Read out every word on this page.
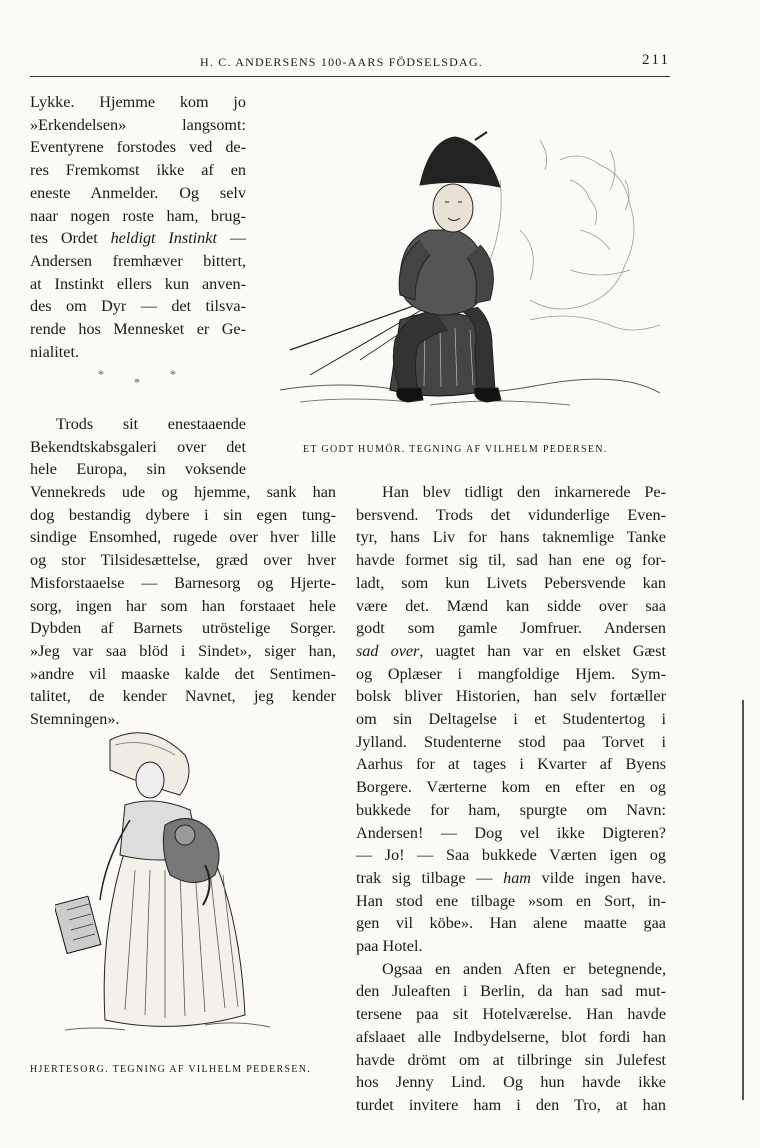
H. C. ANDERSENS 100-AARS FÖDSELSDAG.	211
Lykke. Hjemme kom jo
»Erkendelsen» langsomt:
Eventyrene forstodes ved de-
res Fremkomst ikke af en
eneste Anmelder. Og selv
naar nogen roste ham, brug-
tes Ordet heldigt Instinkt —
Andersen fremhæver bittert,
at Instinkt ellers kun anven-
des om Dyr — det tilsva-
rende hos Mennesket er Ge-
nialitet.
*
*
*
Trods sit enestaaende
Bekendtskabsgaleri over det
hele Europa, sin voksende
Vennekreds ude og hjemme, sank han
dog bestandig dybere i sin egen tung-
sindige Ensomhed, rugede over hver lille
og stor Tilsidesættelse, græd over hver
Misforstaaelse — Barnesorg og Hjerte-
sorg, ingen har som han forstaaet hele
Dybden af Barnets utröstelige Sorger.
»Jeg var saa blöd i Sindet», siger han,
»andre vil maaske kalde det Sentimen-
talitet, de kender Navnet, jeg kender
Stemningen».
Han blev tidligt den inkarnerede Pe-
bersvend. Trods det vidunderlige Even-
tyr, hans Liv for hans taknemlige Tanke
havde formet sig til, sad han ene og for-
ladt, som kun Livets Pebersvende kan
være det. Mænd kan sidde over saa
godt som gamle Jomfruer. Andersen
sad over, uagtet han var en elsket Gæst
og Oplæser i mangfoldige Hjem. Sym-
bolsk bliver Historien, han selv fortæller
om sin Deltagelse i et Studentertog i
Jylland. Studenterne stod paa Torvet i
Aarhus for at tages i Kvarter af Byens
Borgere. Værterne kom en efter en og
bukkede for ham, spurgte om Navn:
Andersen! — Dog vel ikke Digteren?
— Jo! — Saa bukkede Værten igen og
trak sig tilbage — ham vilde ingen have.
Han stod ene tilbage »som en Sort, in-
gen vil köbe». Han alene maatte gaa
paa Hotel.
Ogsaa en anden Aften er betegnende,
den Juleaften i Berlin, da han sad mut-
tersene paa sit Hotelværelse. Han havde
afslaaet alle Indbydelserne, blot fordi han
havde drömt om at tilbringe sin Julefest
hos Jenny Lind. Og hun havde ikke
turdet invitere ham i den Tro, at han
ET GODT HUMÖR. TEGNING AF VILHELM PEDERSEN.
HJERTESORG. TEGNING AF VILHELM PEDERSEN.
